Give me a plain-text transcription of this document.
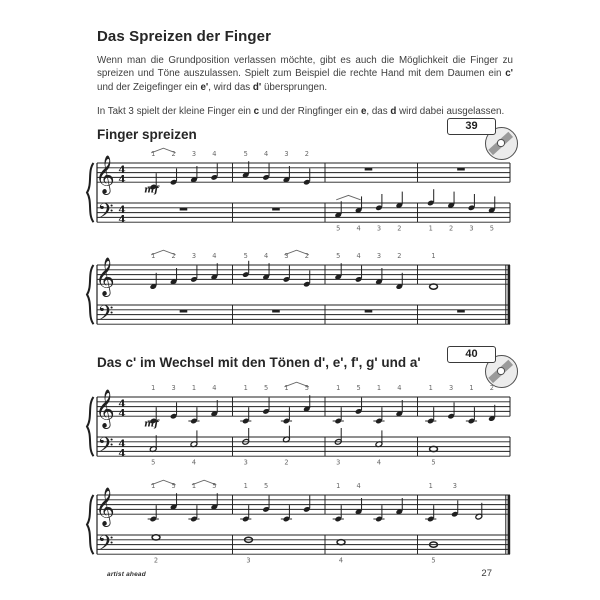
Das Spreizen der Finger

Wenn man die Grundposition verlassen möchte, gibt es auch die Möglichkeit die Finger zu spreizen und Töne auszulassen. Spielt zum Beispiel die rechte Hand mit dem Daumen ein c' und der Zeigefinger ein e', wird das d' übersprungen.

In Takt 3 spielt der kleine Finger ein c und der Ringfinger ein e, das d wird dabei ausgelassen.

Finger spreizen
39
𝄞 4
4
1 2 3 4
mf
5 4 3 2
𝄢 4
4
5 4 3 2	1 2 3 5
𝄞
1 2 3 4	5 4 3 2	5 4 3 2	1
𝄢
Das c' im Wechsel mit den Tönen d', e', f', g' und a'
40
𝄞 4
4
1 3 1 4
mf
1 5 1 5	1 5 1 4	1 3 1 2
𝄢 4
4
5	4	3	2	3	4	5
𝄞
1 5 1 5	1 5	1 4	1	3
𝄢
2	3	4	5
artist ahead	27
